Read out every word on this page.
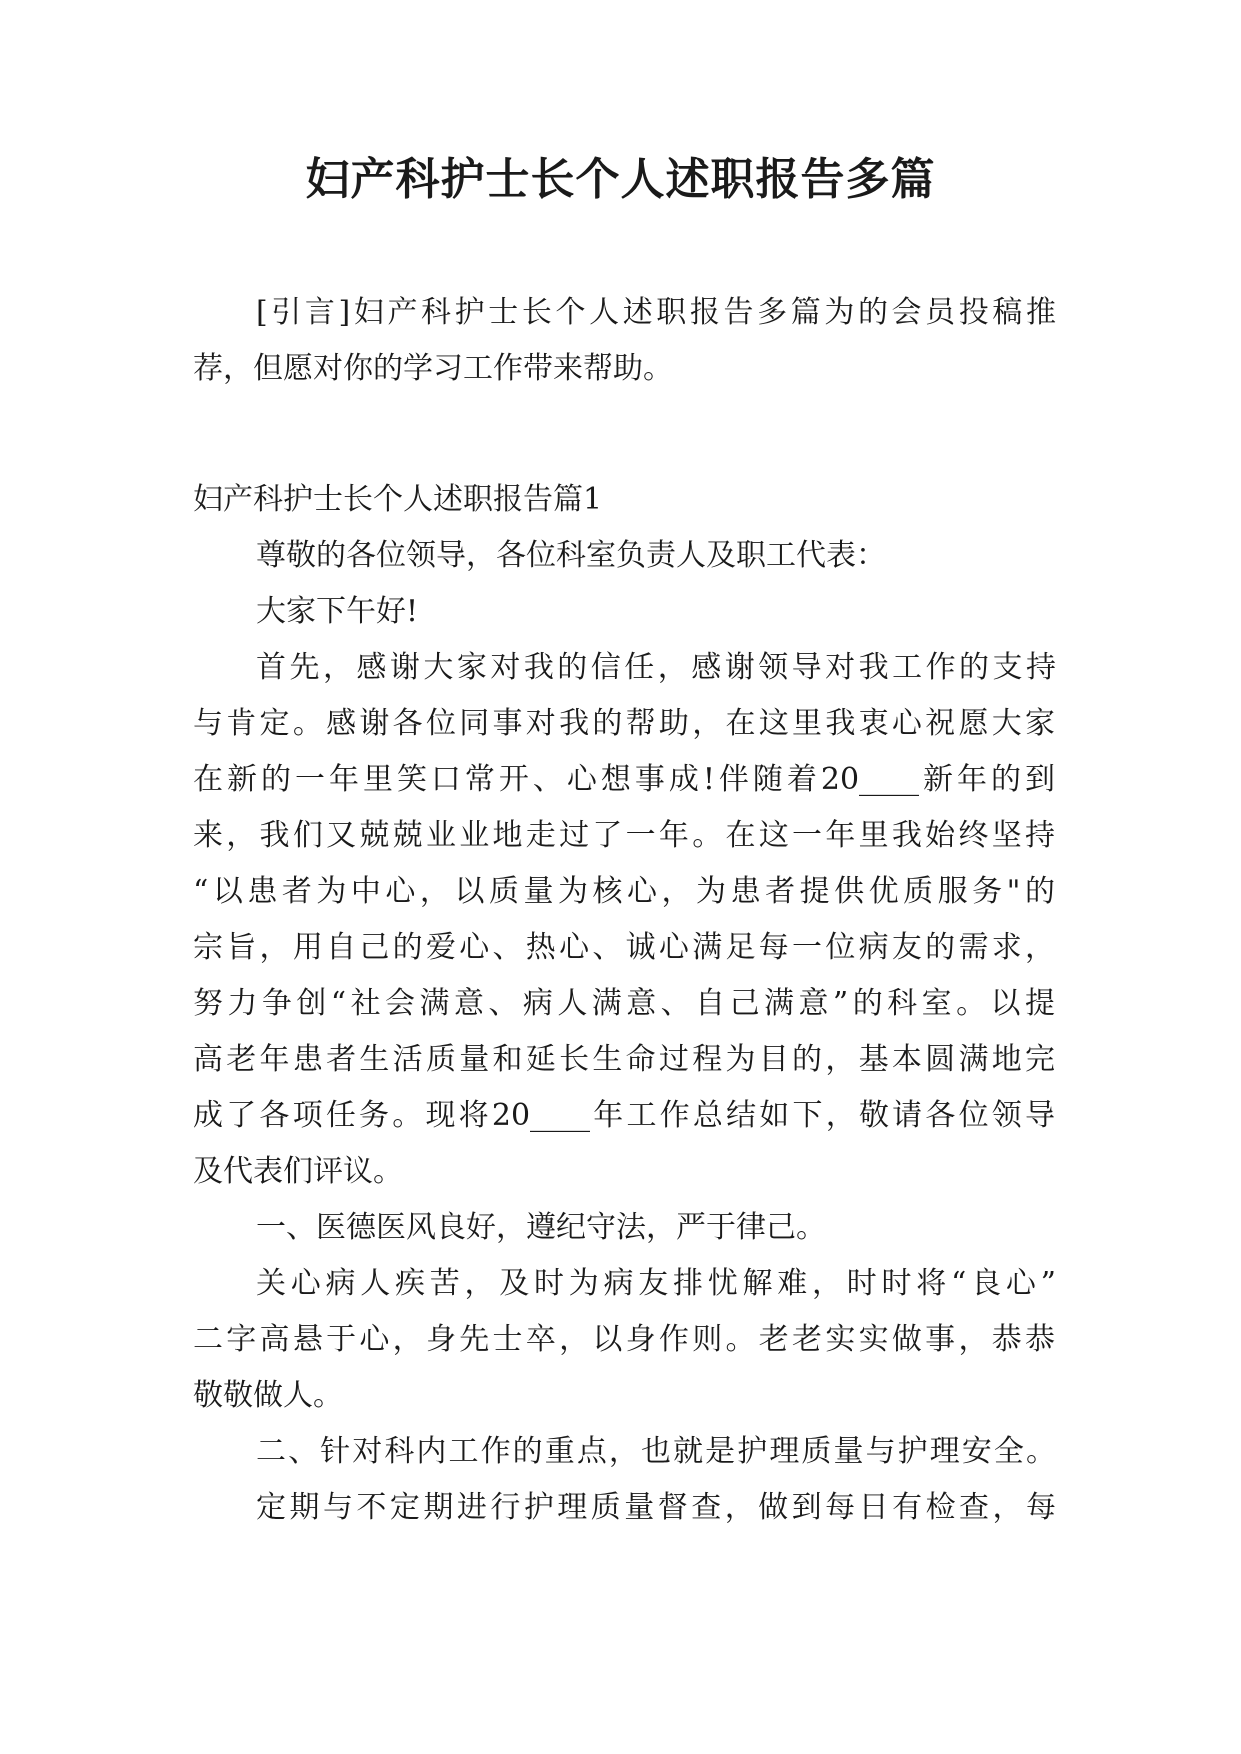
妇产科护士长个人述职报告多篇

[引言]妇产科护士长个人述职报告多篇为的会员投稿推

荐，但愿对你的学习工作带来帮助。

妇产科护士长个人述职报告篇1

尊敬的各位领导，各位科室负责人及职工代表：

大家下午好!

首先，感谢大家对我的信任，感谢领导对我工作的支持

与肯定。感谢各位同事对我的帮助，在这里我衷心祝愿大家

在新的一年里笑口常开、心想事成!伴随着20____新年的到

来，我们又兢兢业业地走过了一年。在这一年里我始终坚持

“以患者为中心，以质量为核心，为患者提供优质服务"的

宗旨，用自己的爱心、热心、诚心满足每一位病友的需求，

努力争创“社会满意、病人满意、自己满意”的科室。以提

高老年患者生活质量和延长生命过程为目的，基本圆满地完

成了各项任务。现将20____年工作总结如下，敬请各位领导

及代表们评议。

一、医德医风良好，遵纪守法，严于律己。

关心病人疾苦，及时为病友排忧解难，时时将“良心”

二字高悬于心，身先士卒，以身作则。老老实实做事，恭恭

敬敬做人。

二、针对科内工作的重点，也就是护理质量与护理安全。

定期与不定期进行护理质量督查，做到每日有检查，每
